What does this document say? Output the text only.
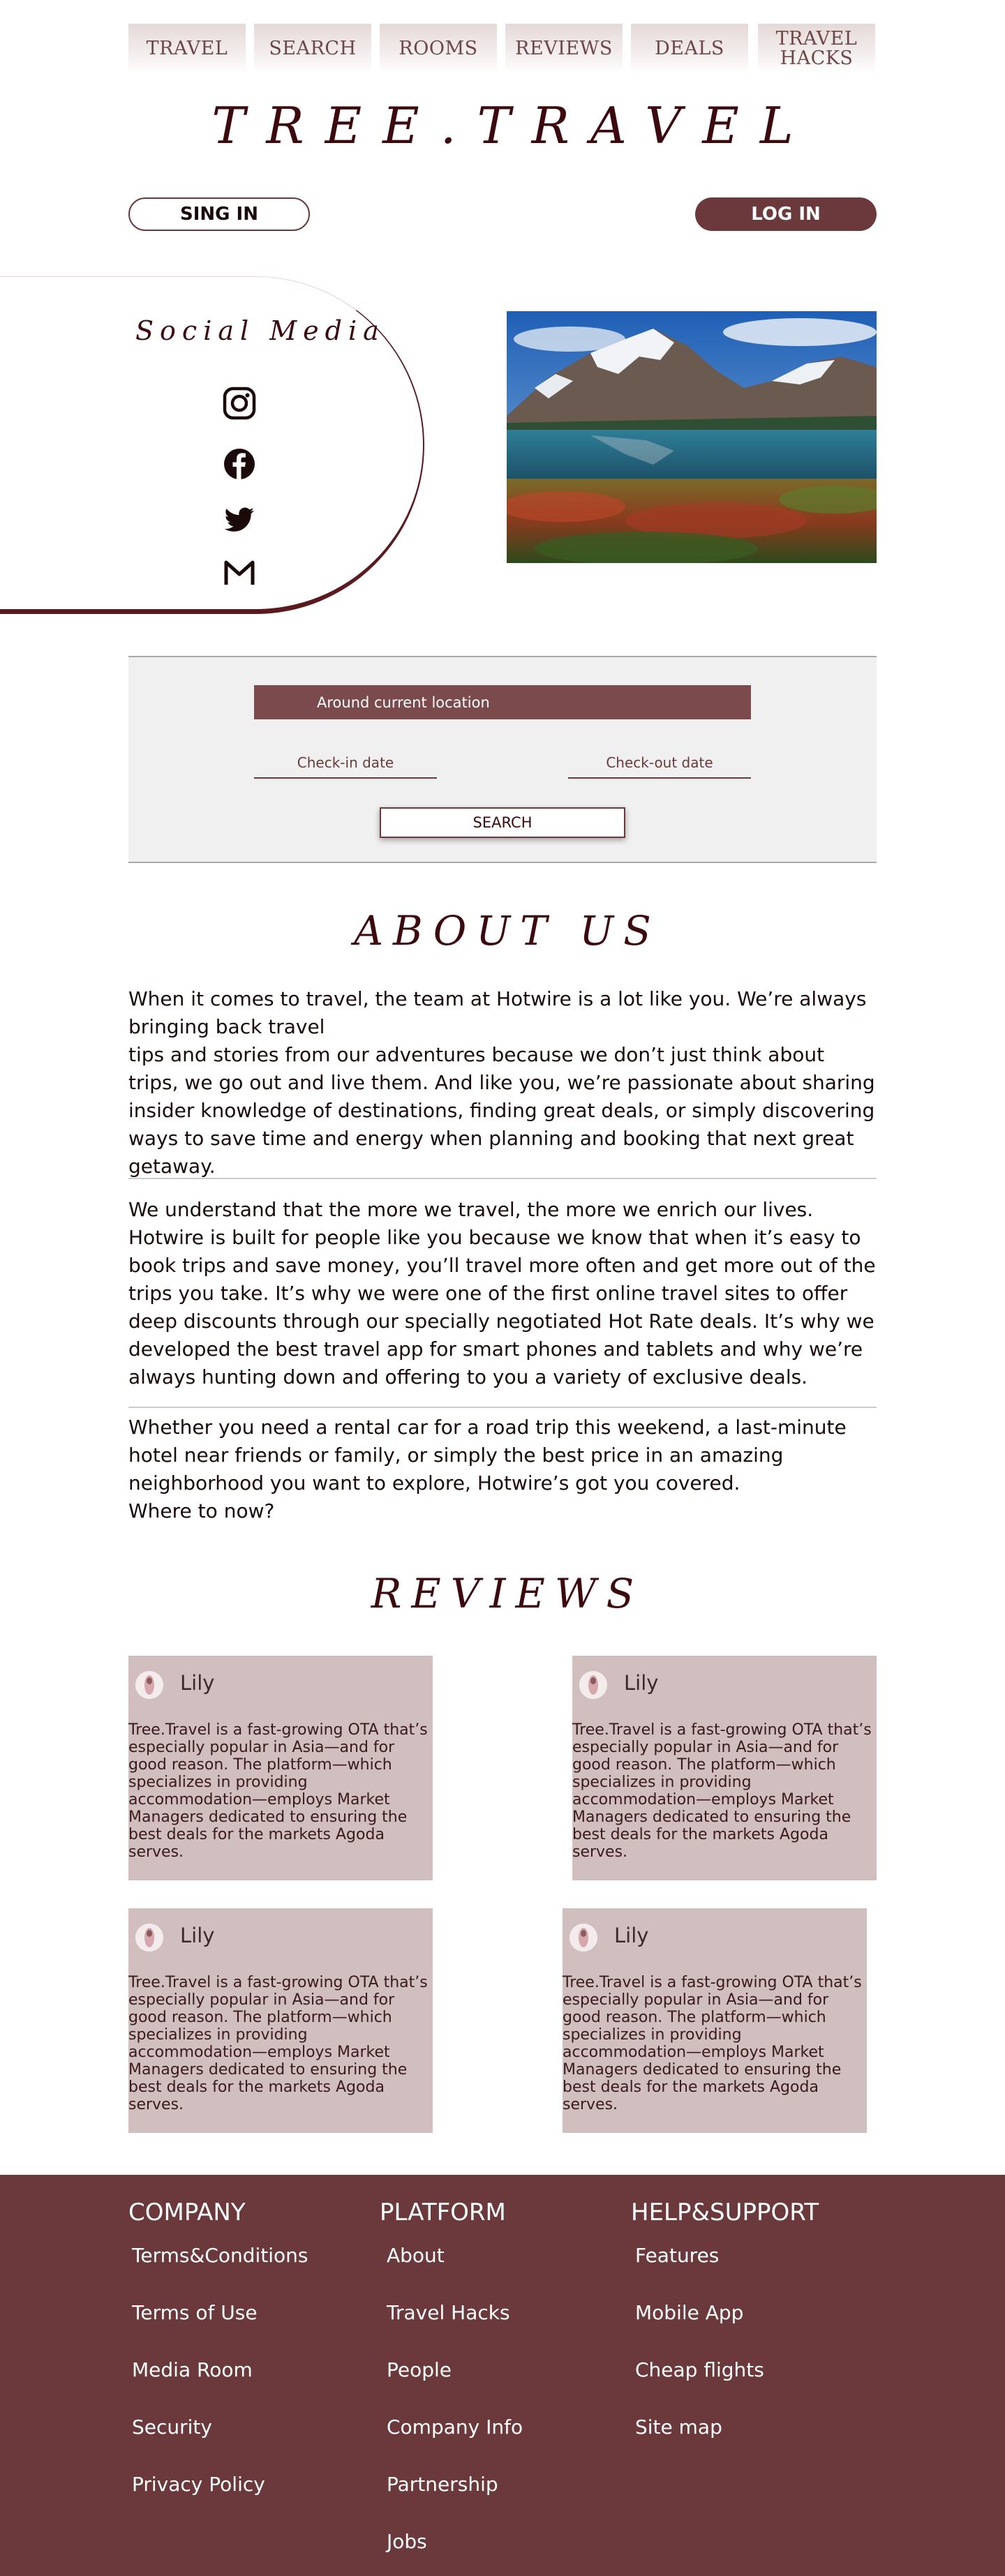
TRAVEL	SEARCH	ROOMS	REVIEWS	DEALS	TRAVEL HACKS
TREE.TRAVEL
SING IN	LOG IN
Social Media
Around current location
Check-in date	Check-out date
SEARCH
ABOUT US
When it comes to travel, the team at Hotwire is a lot like you. We’re always bringing back travel
tips and stories from our adventures because we don’t just think about trips, we go out and live them. And like you, we’re passionate about sharing insider knowledge of destinations, finding great deals, or simply discovering ways to save time and energy when planning and booking that next great getaway.
We understand that the more we travel, the more we enrich our lives. Hotwire is built for people like you because we know that when it’s easy to book trips and save money, you’ll travel more often and get more out of the trips you take. It’s why we were one of the first online travel sites to offer deep discounts through our specially negotiated Hot Rate deals. It’s why we developed the best travel app for smart phones and tablets and why we’re always hunting down and offering to you a variety of exclusive deals.
Whether you need a rental car for a road trip this weekend, a last-minute hotel near friends or family, or simply the best price in an amazing neighborhood you want to explore, Hotwire’s got you covered.
Where to now?
REVIEWS
Lily
Tree.Travel is a fast-growing OTA that’s especially popular in Asia—and for good reason. The platform—which specializes in providing accommodation—employs Market Managers dedicated to ensuring the best deals for the markets Agoda serves.
Lily
Tree.Travel is a fast-growing OTA that’s especially popular in Asia—and for good reason. The platform—which specializes in providing accommodation—employs Market Managers dedicated to ensuring the best deals for the markets Agoda serves.
Lily
Tree.Travel is a fast-growing OTA that’s especially popular in Asia—and for good reason. The platform—which specializes in providing accommodation—employs Market Managers dedicated to ensuring the best deals for the markets Agoda serves.
Lily
Tree.Travel is a fast-growing OTA that’s especially popular in Asia—and for good reason. The platform—which specializes in providing accommodation—employs Market Managers dedicated to ensuring the best deals for the markets Agoda serves.
COMPANY
Terms&Conditions
Terms of Use
Media Room
Security
Privacy Policy
PLATFORM
About
Travel Hacks
People
Company Info
Partnership
Jobs
HELP&SUPPORT
Features
Mobile App
Cheap flights
Site map
